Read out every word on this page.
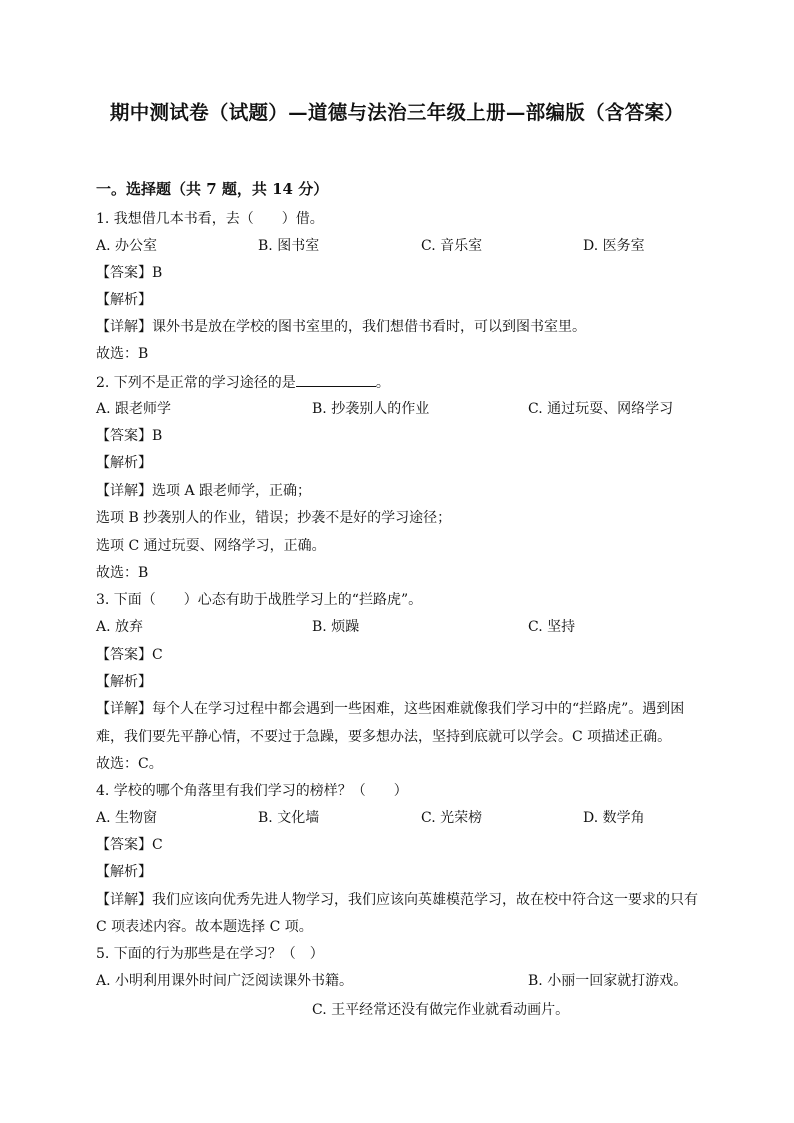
期中测试卷（试题）—道德与法治三年级上册—部编版（含答案）
一。选择题（共 7 题，共 14 分）
1. 我想借几本书看，去（　　）借。
A. 办公室	B. 图书室	C. 音乐室	D. 医务室
【答案】B
【解析】
【详解】课外书是放在学校的图书室里的，我们想借书看时，可以到图书室里。
故选：B
2. 下列不是正常的学习途径的是	。
A. 跟老师学	B. 抄袭别人的作业	C. 通过玩耍、网络学习
【答案】B
【解析】
【详解】选项 A 跟老师学，正确；
选项 B 抄袭别人的作业，错误；抄袭不是好的学习途径；
选项 C 通过玩耍、网络学习，正确。
故选：B
3. 下面（　　）心态有助于战胜学习上的“拦路虎”。
A. 放弃	B. 烦躁	C. 坚持
【答案】C
【解析】
【详解】每个人在学习过程中都会遇到一些困难，这些困难就像我们学习中的“拦路虎”。遇到困
难，我们要先平静心情，不要过于急躁，要多想办法，坚持到底就可以学会。C 项描述正确。
故选：C。
4. 学校的哪个角落里有我们学习的榜样？（　　）
A. 生物窗	B. 文化墙	C. 光荣榜	D. 数学角
【答案】C
【解析】
【详解】我们应该向优秀先进人物学习，我们应该向英雄模范学习，故在校中符合这一要求的只有
C 项表述内容。故本题选择 C 项。
5. 下面的行为那些是在学习？（　）
A. 小明利用课外时间广泛阅读课外书籍。	B. 小丽一回家就打游戏。
C. 王平经常还没有做完作业就看动画片。
